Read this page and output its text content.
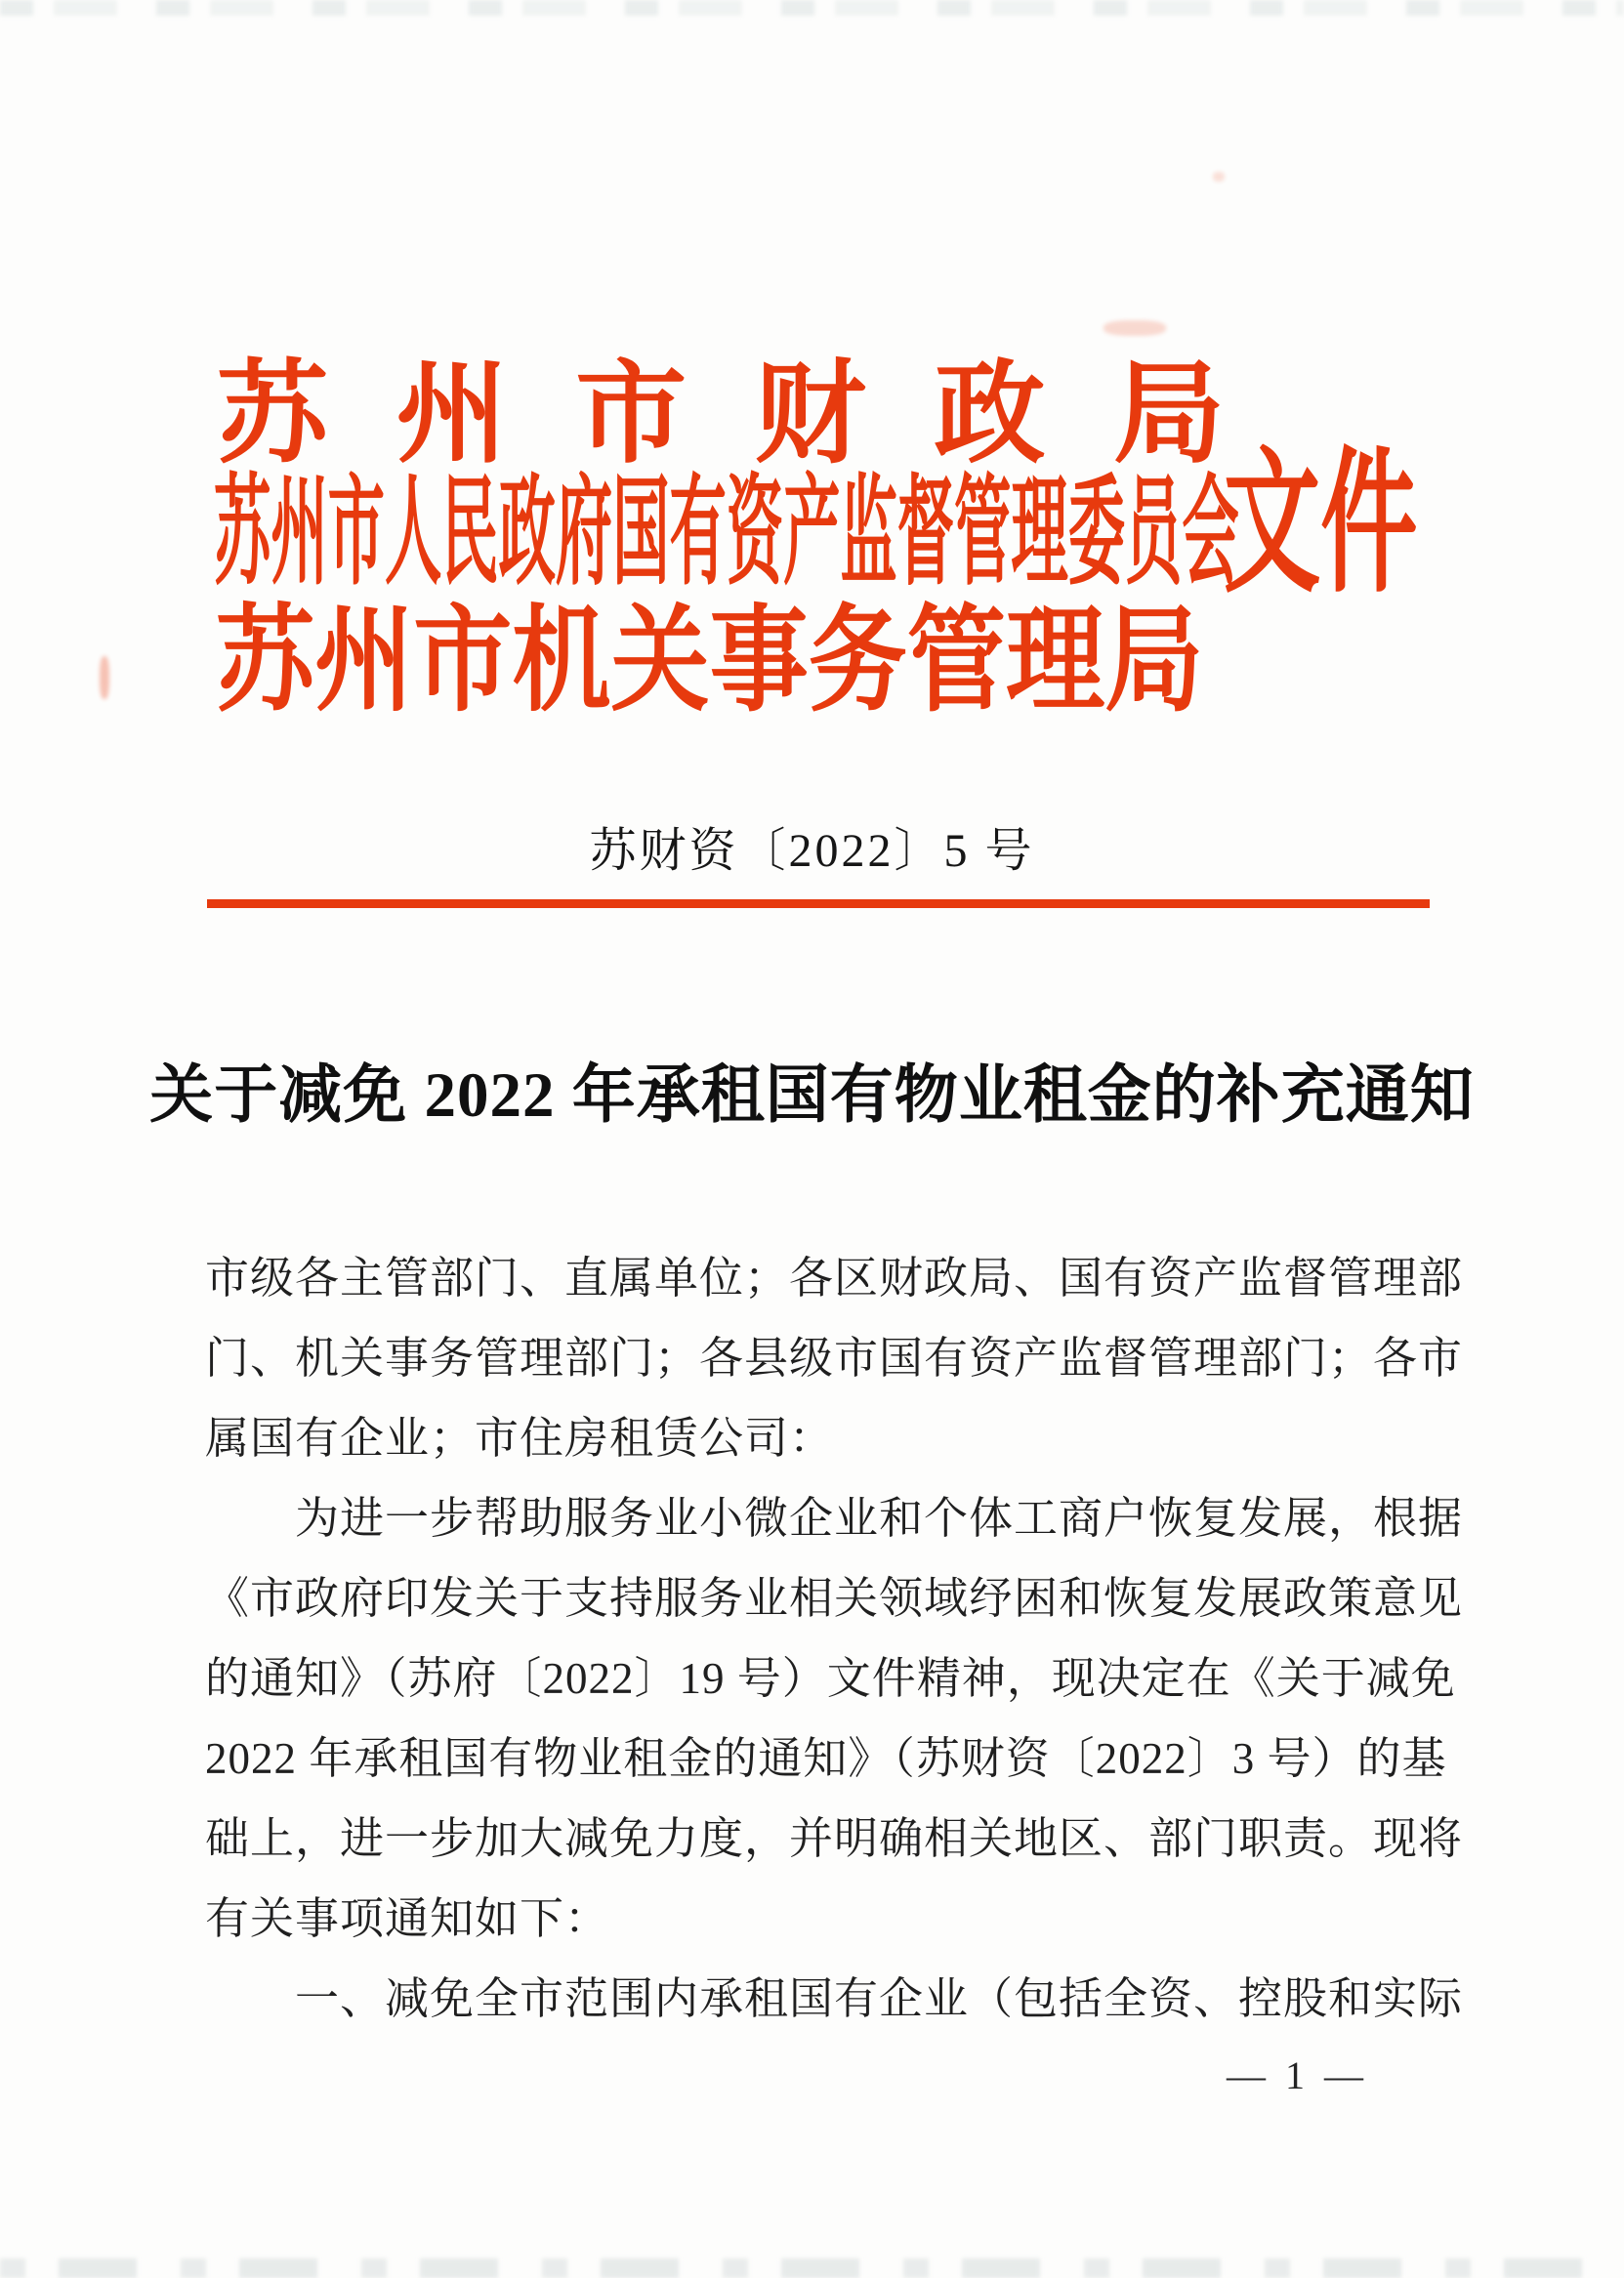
苏 州 市 财 政 局
苏州市人民政府国有资产监督管理委员会
苏州市机关事务管理局
文件
苏财资〔2022〕5 号
关于减免 2022 年承租国有物业租金的补充通知
市级各主管部门、直属单位；各区财政局、国有资产监督管理部
门、机关事务管理部门；各县级市国有资产监督管理部门；各市
属国有企业；市住房租赁公司：
为进一步帮助服务业小微企业和个体工商户恢复发展，根据
《市政府印发关于支持服务业相关领域纾困和恢复发展政策意见
的通知》（苏府〔2022〕19 号）文件精神，现决定在《关于减免
2022 年承租国有物业租金的通知》（苏财资〔2022〕3 号）的基
础上，进一步加大减免力度，并明确相关地区、部门职责。现将
有关事项通知如下：
一、减免全市范围内承租国有企业（包括全资、控股和实际
— 1 —
